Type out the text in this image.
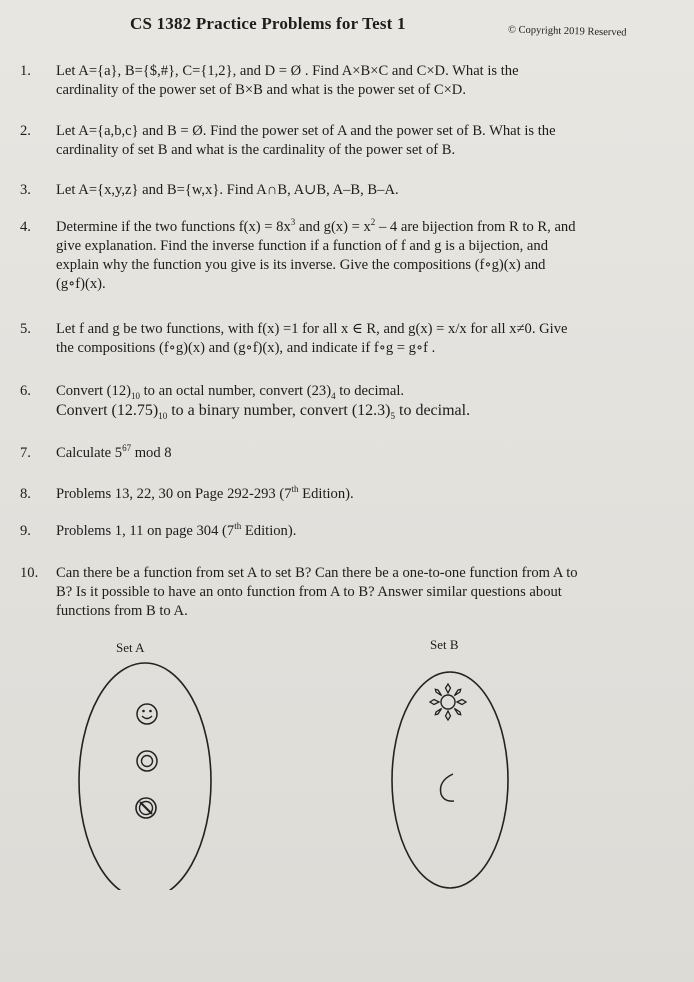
CS 1382 Practice Problems for Test 1	© Copyright 2019 Reserved
1.	Let A={a}, B={$,#}, C={1,2}, and D = Ø . Find A×B×C and C×D. What is the
cardinality of the power set of B×B and what is the power set of C×D.
2.	Let A={a,b,c} and B = Ø. Find the power set of A and the power set of B. What is the
cardinality of set B and what is the cardinality of the power set of B.
3.	Let A={x,y,z} and B={w,x}. Find A∩B, A∪B, A–B, B–A.
4.	Determine if the two functions $f(x) = 8x^3$ and $g(x) = x^2 - 4$ are bijection from R to R, and
give explanation. Find the inverse function if a function of f and g is a bijection, and
explain why the function you give is its inverse. Give the compositions (f∘g)(x) and
(g∘f)(x).
5.	Let f and g be two functions, with f(x) =1 for all x ∈ R, and g(x) = x/x for all x≠0. Give
the compositions (f∘g)(x) and (g∘f)(x), and indicate if f∘g = g∘f .
6.	Convert $(12)_{10}$ to an octal number, convert $(23)_4$ to decimal.
Convert $(12.75)_{10}$ to a binary number, convert $(12.3)_5$ to decimal.
7.	Calculate $5^{67}$ mod 8
8.	Problems 13, 22, 30 on Page 292-293 (7th Edition).
9.	Problems 1, 11 on page 304 (7th Edition).
10.	Can there be a function from set A to set B? Can there be a one-to-one function from A to
B? Is it possible to have an onto function from A to B? Answer similar questions about
functions from B to A.
Set A	Set B
